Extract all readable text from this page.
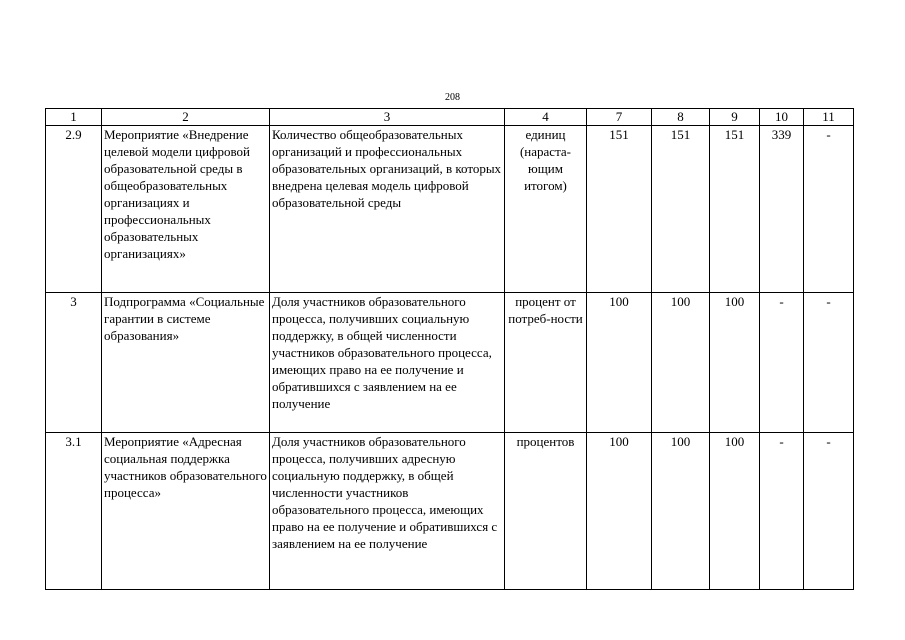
208
1	2	3	4	7	8	9	10	11
2.9	Мероприятие «Внедрение целевой модели цифровой образовательной среды в общеобразовательных организациях и профессиональных образовательных организациях»	Количество общеобразовательных организаций и профессиональных образовательных организаций, в которых внедрена целевая модель цифровой образовательной среды	единиц (нараста-ющим итогом)	151	151	151	339	-
3	Подпрограмма «Социальные гарантии в системе образования»	Доля участников образовательного процесса, получивших социальную поддержку, в общей численности участников образовательного процесса, имеющих право на ее получение и обратившихся с заявлением на ее получение	процент от потреб-ности	100	100	100	-	-
3.1	Мероприятие «Адресная социальная поддержка участников образовательного процесса»	Доля участников образовательного процесса, получивших адресную социальную поддержку, в общей численности участников образовательного процесса, имеющих право на ее получение и обратившихся с заявлением на ее получение	процентов	100	100	100	-	-
